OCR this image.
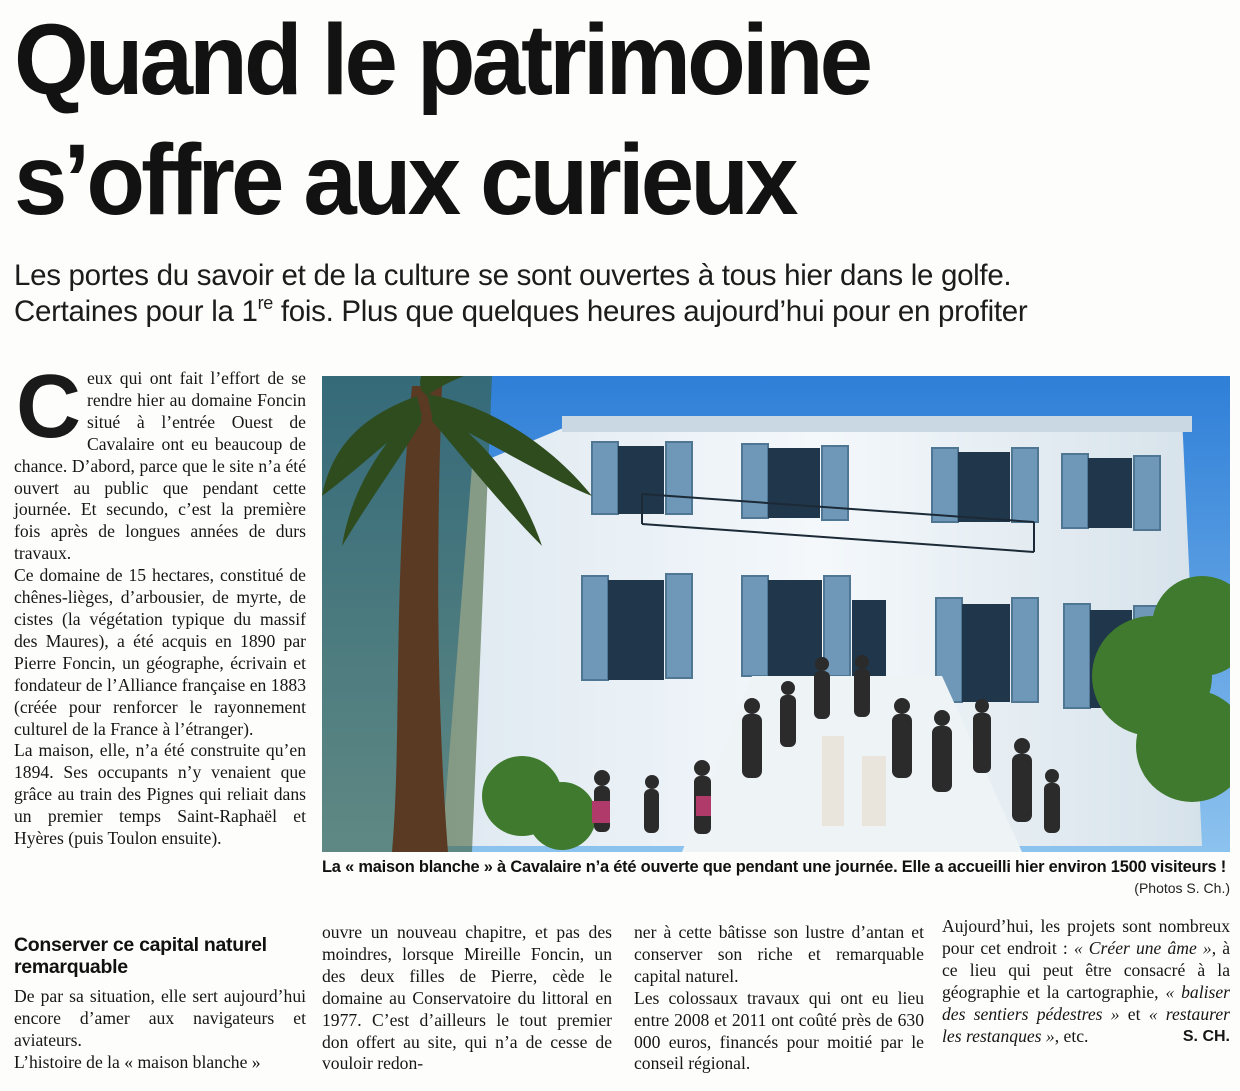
Quand le patrimoine
s’offre aux curieux

Les portes du savoir et de la culture se sont ouvertes à tous hier dans le golfe.

Certaines pour la 1re fois. Plus que quelques heures aujourd’hui pour en profiter

Ceux qui ont fait l’effort de se rendre hier au domaine Foncin situé à l’entrée Ouest de Cavalaire ont eu beaucoup de chance. D’abord, parce que le site n’a été ouvert au public que pendant cette journée. Et secundo, c’est la première fois après de longues années de durs travaux.

Ce domaine de 15 hectares, constitué de chênes-lièges, d’arbousier, de myrte, de cistes (la végétation typique du massif des Maures), a été acquis en 1890 par Pierre Foncin, un géographe, écrivain et fondateur de l’Alliance française en 1883 (créée pour renforcer le rayonnement culturel de la France à l’étranger).

La maison, elle, n’a été construite qu’en 1894. Ses occupants n’y venaient que grâce au train des Pignes qui reliait dans un premier temps Saint-Raphaël et Hyères (puis Toulon ensuite).

Conserver ce capital naturel remarquable

De par sa situation, elle sert aujourd’hui encore d’amer aux navigateurs et aviateurs.

L’histoire de la « maison blanche »

La « maison blanche » à Cavalaire n’a été ouverte que pendant une journée. Elle a accueilli hier environ 1500 visiteurs !
(Photos S. Ch.)

ouvre un nouveau chapitre, et pas des moindres, lorsque Mireille Foncin, un des deux filles de Pierre, cède le domaine au Conservatoire du littoral en 1977. C’est d’ailleurs le tout premier don offert au site, qui n’a de cesse de vouloir redon-

ner à cette bâtisse son lustre d’antan et conserver son riche et remarquable capital naturel.

Les colossaux travaux qui ont eu lieu entre 2008 et 2011 ont coûté près de 630 000 euros, financés pour moitié par le conseil régional.

Aujourd’hui, les projets sont nombreux pour cet endroit : « Créer une âme », à ce lieu qui peut être consacré à la géographie et la cartographie, « baliser des sentiers pédestres » et « restaurer les restanques », etc.	S. CH.
